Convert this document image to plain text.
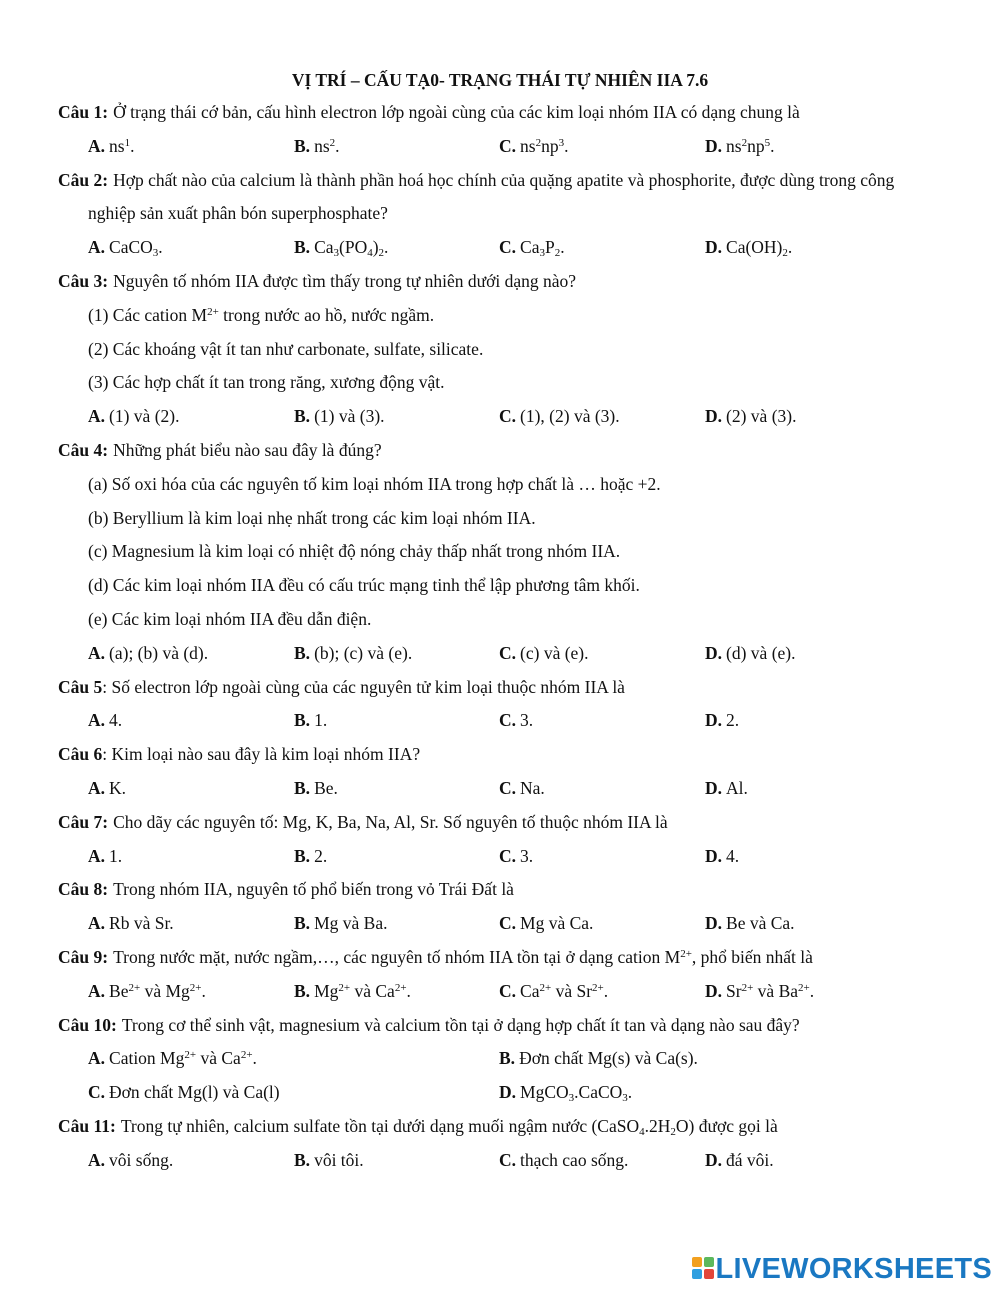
VỊ TRÍ – CẤU TẠ0- TRẠNG THÁI TỰ NHIÊN IIA 7.6
Câu 1: Ở trạng thái cớ bản, cấu hình electron lớp ngoài cùng của các kim loại nhóm IIA có dạng chung là
A. $ns^1$.	B. $ns^2$.	C. $ns^2np^3$.	D. $ns^2np^5$.
Câu 2: Hợp chất nào của calcium là thành phần hoá học chính của quặng apatite và phosphorite, được dùng trong công nghiệp sản xuất phân bón superphosphate?
A. CaCO$_3$.	B. $Ca_3(PO_4)_2$.	C. $Ca_3P_2$.	D. $Ca(OH)_2$.
Câu 3: Nguyên tố nhóm IIA được tìm thấy trong tự nhiên dưới dạng nào?
(1) Các cation $M^{2+}$ trong nước ao hồ, nước ngầm.
(2) Các khoáng vật ít tan như carbonate, sulfate, silicate.
(3) Các hợp chất ít tan trong răng, xương động vật.
A. (1) và (2).	B. (1) và (3).	C. (1), (2) và (3).	D. (2) và (3).
Câu 4: Những phát biểu nào sau đây là đúng?
(a) Số oxi hóa của các nguyên tố kim loại nhóm IIA trong hợp chất là … hoặc +2.
(b) Beryllium là kim loại nhẹ nhất trong các kim loại nhóm IIA.
(c) Magnesium là kim loại có nhiệt độ nóng chảy thấp nhất trong nhóm IIA.
(d) Các kim loại nhóm IIA đều có cấu trúc mạng tinh thể lập phương tâm khối.
(e) Các kim loại nhóm IIA đều dẫn điện.
A. (a); (b) và (d).	B. (b); (c) và (e).	C. (c) và (e).	D. (d) và (e).
Câu 5 : Số electron lớp ngoài cùng của các nguyên tử kim loại thuộc nhóm IIA là
A. 4.	B. 1.	C. 3.	D. 2.
Câu 6 : Kim loại nào sau đây là kim loại nhóm IIA?
A. K.	B. Be.	C. Na.	D. Al.
Câu 7: Cho dãy các nguyên tố: Mg, K, Ba, Na, Al, Sr. Số nguyên tố thuộc nhóm IIA là
A. 1.	B. 2.	C. 3.	D. 4.
Câu 8: Trong nhóm IIA, nguyên tố phổ biến trong vỏ Trái Đất là
A. Rb và Sr.	B. Mg và Ba.	C. Mg và Ca.	D. Be và Ca.
Câu 9: Trong nước mặt, nước ngầm,…, các nguyên tố nhóm IIA tồn tại ở dạng cation $M^{2+}$, phổ biến nhất là
A. $Be^{2+}$ và $Mg^{2+}$.	B. $Mg^{2+}$ và $Ca^{2+}$.	C. $Ca^{2+}$ và $Sr^{2+}$.	D. $Sr^{2+}$ và $Ba^{2+}$.
Câu 10: Trong cơ thể sinh vật, magnesium và calcium tồn tại ở dạng hợp chất ít tan và dạng nào sau đây?
A. Cation $Mg^{2+}$ và $Ca^{2+}$.	B. Đơn chất Mg(s) và Ca(s).
C. Đơn chất Mg(l) và Ca(l)	D. MgCO$_3$.CaCO$_3$.
Câu 11: Trong tự nhiên, calcium sulfate tồn tại dưới dạng muối ngậm nước $(CaSO_4.2H_2O)$ được gọi là
A. vôi sống.	B. vôi tôi.	C. thạch cao sống.	D. đá vôi.
LIVEWORKSHEETS
